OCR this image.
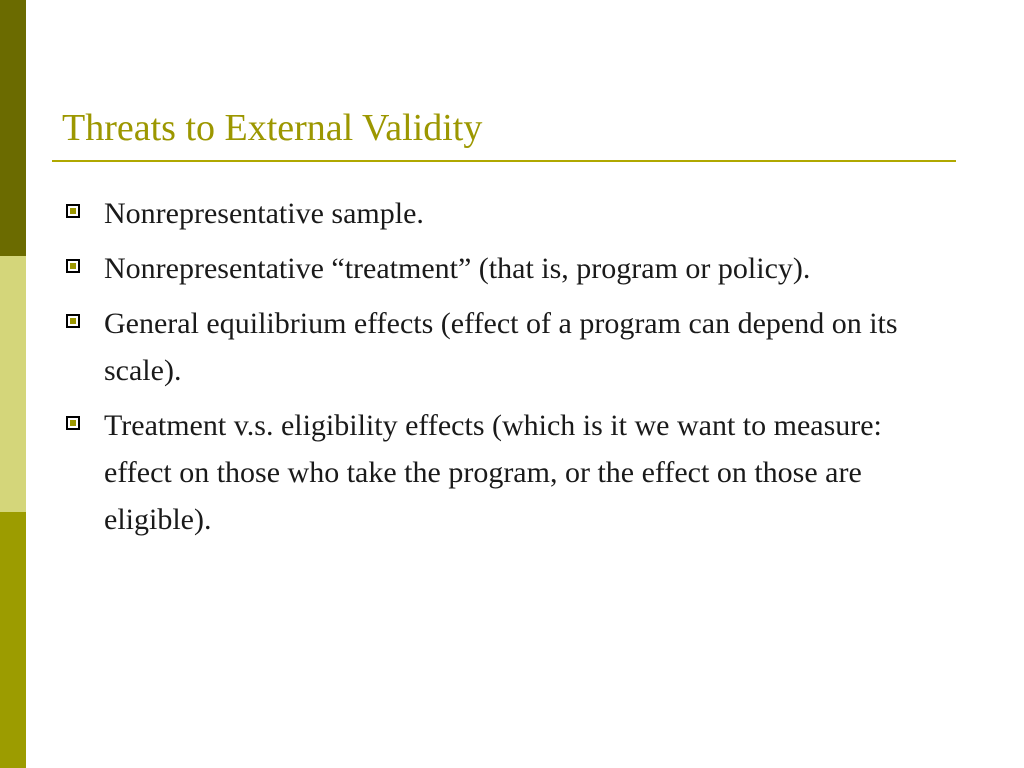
Threats to External Validity
Nonrepresentative sample.
Nonrepresentative “treatment” (that is, program or policy).
General equilibrium effects (effect of a program can depend on its scale).
Treatment v.s. eligibility effects (which is it we want to measure: effect on those who take the program, or the effect on those are eligible).
